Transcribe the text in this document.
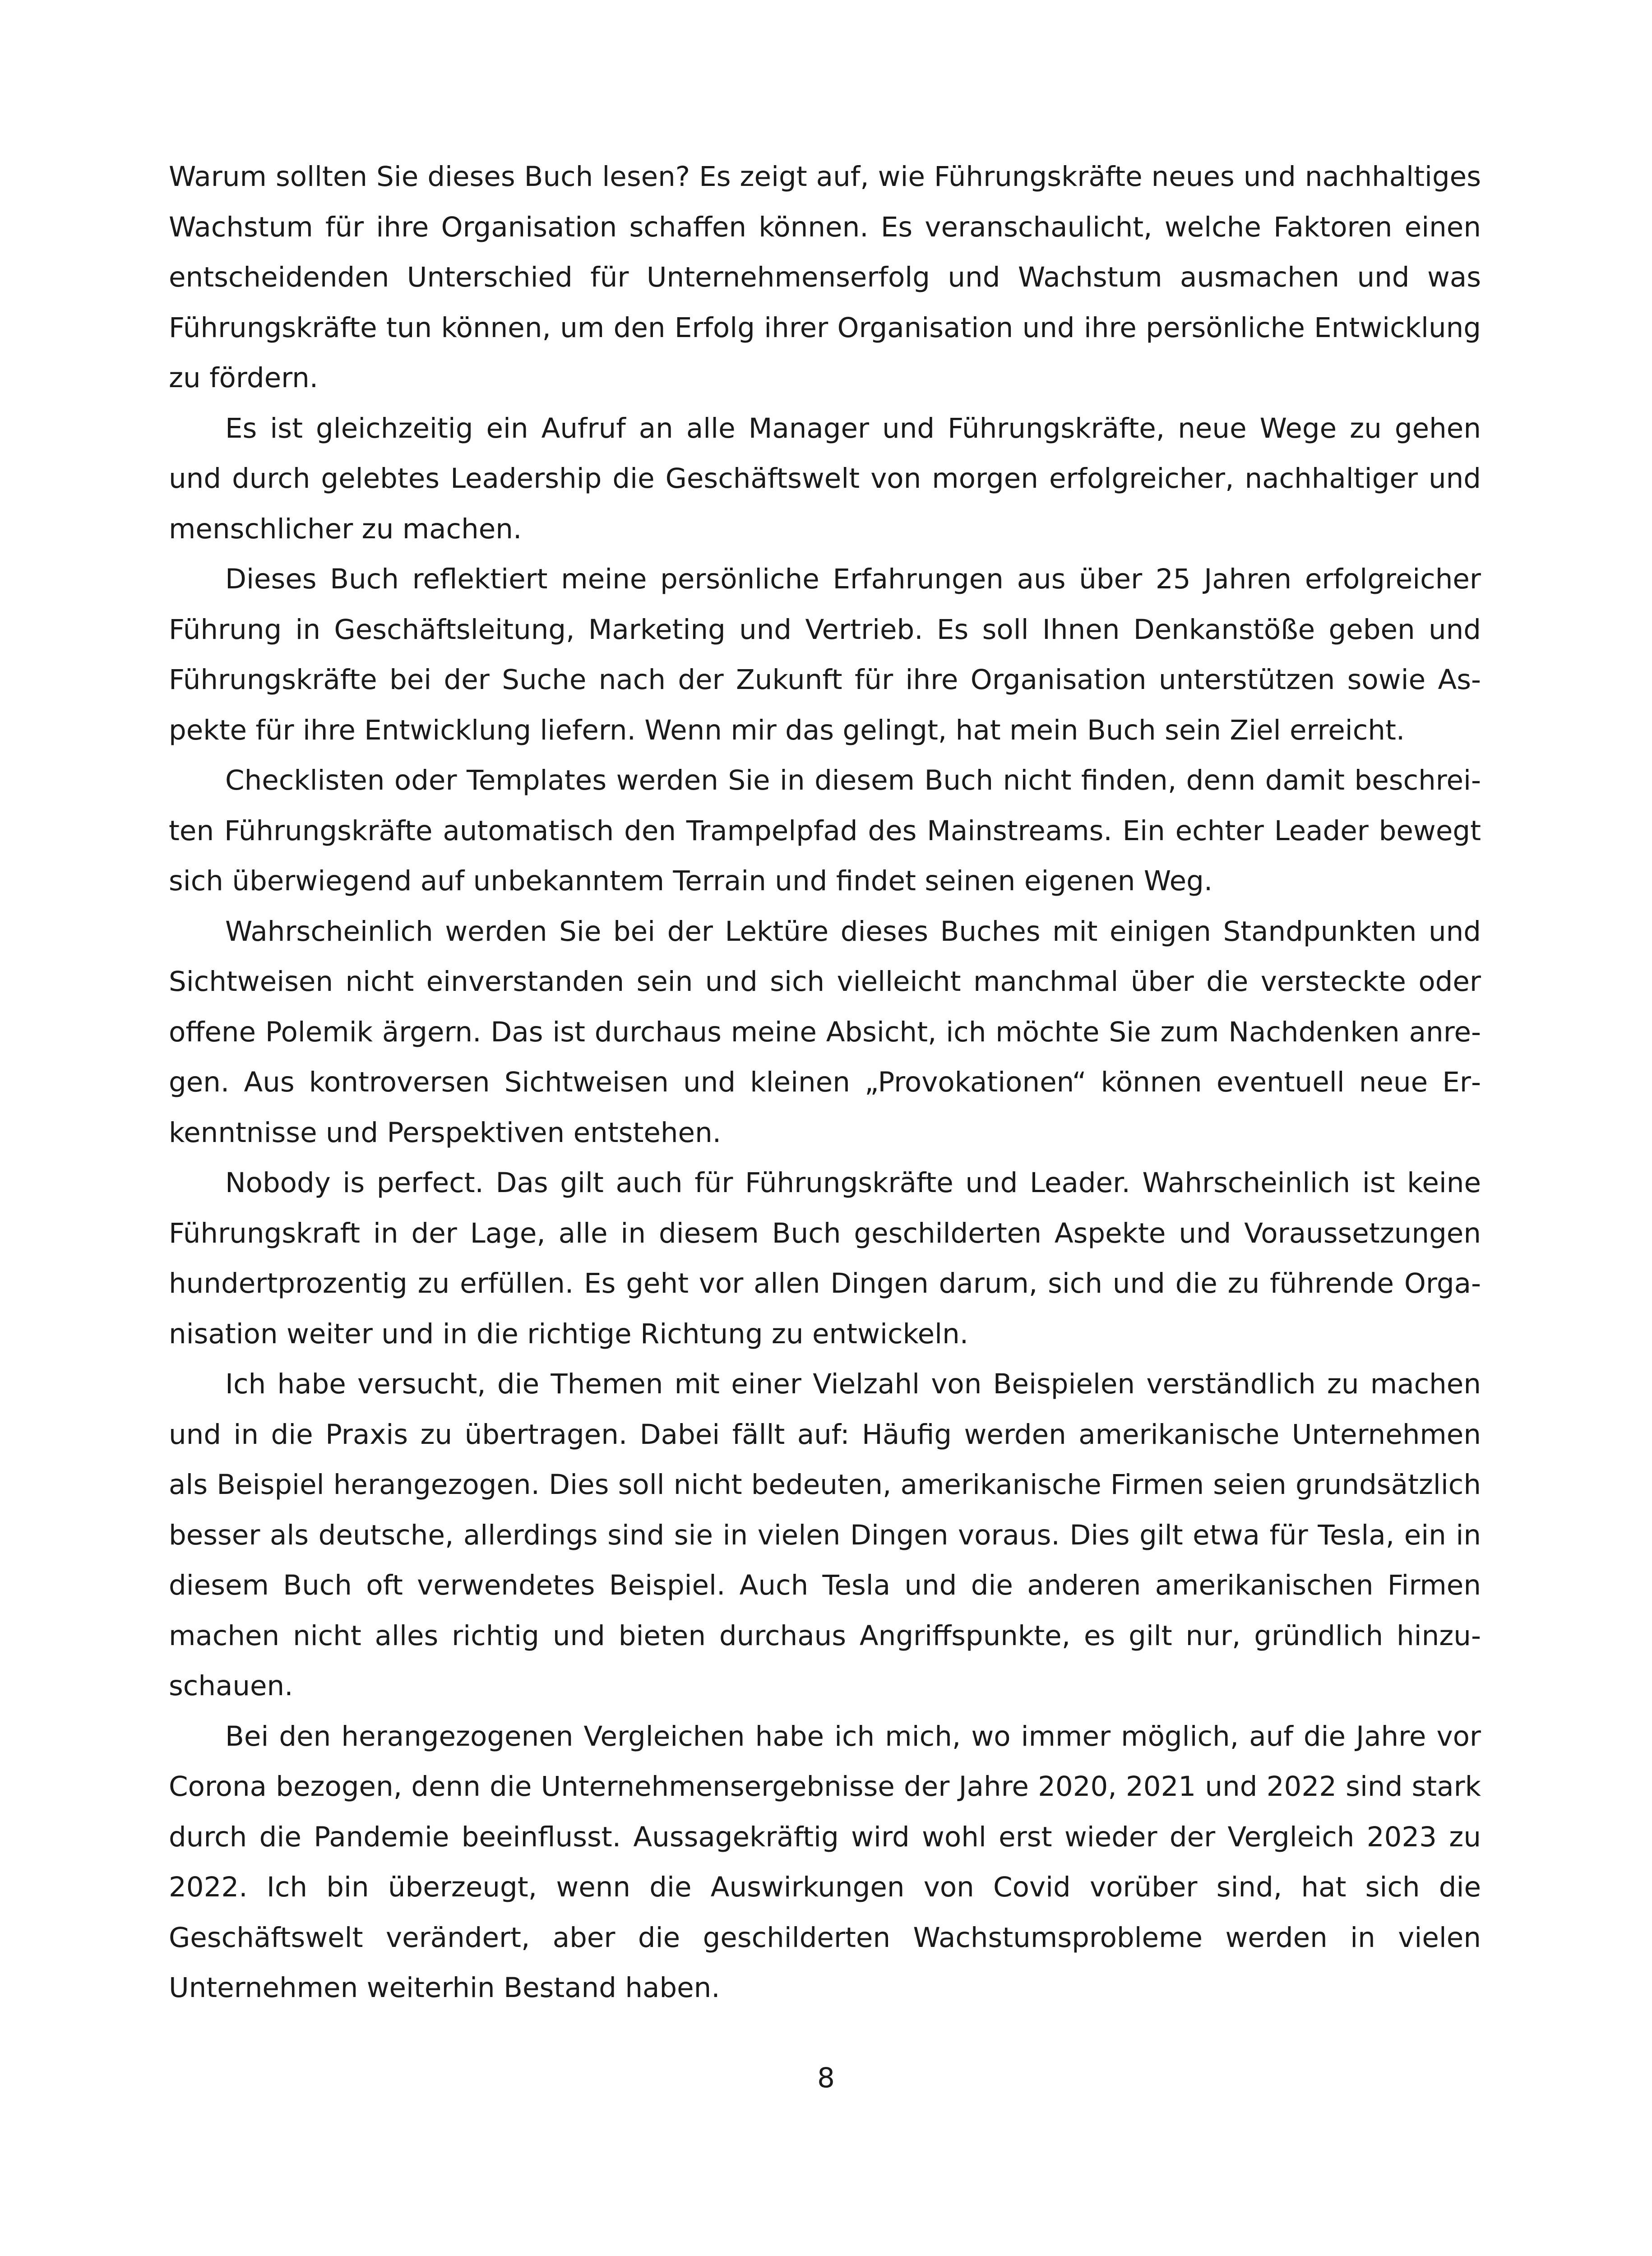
Warum sollten Sie dieses Buch lesen? Es zeigt auf, wie Führungskräfte neues und nachhaltiges Wachstum für ihre Organisation schaffen können. Es veranschaulicht, welche Faktoren einen entscheidenden Unterschied für Unternehmenserfolg und Wachstum ausmachen und was Führungskräfte tun können, um den Erfolg ihrer Organisation und ihre persönliche Entwicklung zu fördern.

Es ist gleichzeitig ein Aufruf an alle Manager und Führungskräfte, neue Wege zu gehen und durch gelebtes Leadership die Geschäftswelt von morgen erfolgreicher, nachhaltiger und menschlicher zu machen.

Dieses Buch reflektiert meine persönliche Erfahrungen aus über 25 Jahren erfolgreicher Führung in Geschäftsleitung, Marketing und Vertrieb. Es soll Ihnen Denkanstöße geben und Führungskräfte bei der Suche nach der Zukunft für ihre Organisation unterstützen sowie Aspekte für ihre Entwicklung liefern. Wenn mir das gelingt, hat mein Buch sein Ziel erreicht.

Checklisten oder Templates werden Sie in diesem Buch nicht finden, denn damit beschreiten Führungskräfte automatisch den Trampelpfad des Mainstreams. Ein echter Leader bewegt sich überwiegend auf unbekanntem Terrain und findet seinen eigenen Weg.

Wahrscheinlich werden Sie bei der Lektüre dieses Buches mit einigen Standpunkten und Sichtweisen nicht einverstanden sein und sich vielleicht manchmal über die versteckte oder offene Polemik ärgern. Das ist durchaus meine Absicht, ich möchte Sie zum Nachdenken anregen. Aus kontroversen Sichtweisen und kleinen „Provokationen“ können eventuell neue Erkenntnisse und Perspektiven entstehen.

Nobody is perfect. Das gilt auch für Führungskräfte und Leader. Wahrscheinlich ist keine Führungskraft in der Lage, alle in diesem Buch geschilderten Aspekte und Voraussetzungen hundertprozentig zu erfüllen. Es geht vor allen Dingen darum, sich und die zu führende Organisation weiter und in die richtige Richtung zu entwickeln.

Ich habe versucht, die Themen mit einer Vielzahl von Beispielen verständlich zu machen und in die Praxis zu übertragen. Dabei fällt auf: Häufig werden amerikanische Unternehmen als Beispiel herangezogen. Dies soll nicht bedeuten, amerikanische Firmen seien grundsätzlich besser als deutsche, allerdings sind sie in vielen Dingen voraus. Dies gilt etwa für Tesla, ein in diesem Buch oft verwendetes Beispiel. Auch Tesla und die anderen amerikanischen Firmen machen nicht alles richtig und bieten durchaus Angriffspunkte, es gilt nur, gründlich hinzuschauen.

Bei den herangezogenen Vergleichen habe ich mich, wo immer möglich, auf die Jahre vor Corona bezogen, denn die Unternehmensergebnisse der Jahre 2020, 2021 und 2022 sind stark durch die Pandemie beeinflusst. Aussagekräftig wird wohl erst wieder der Vergleich 2023 zu 2022. Ich bin überzeugt, wenn die Auswirkungen von Covid vorüber sind, hat sich die Geschäftswelt verändert, aber die geschilderten Wachstumsprobleme werden in vielen Unternehmen weiterhin Bestand haben.

8
